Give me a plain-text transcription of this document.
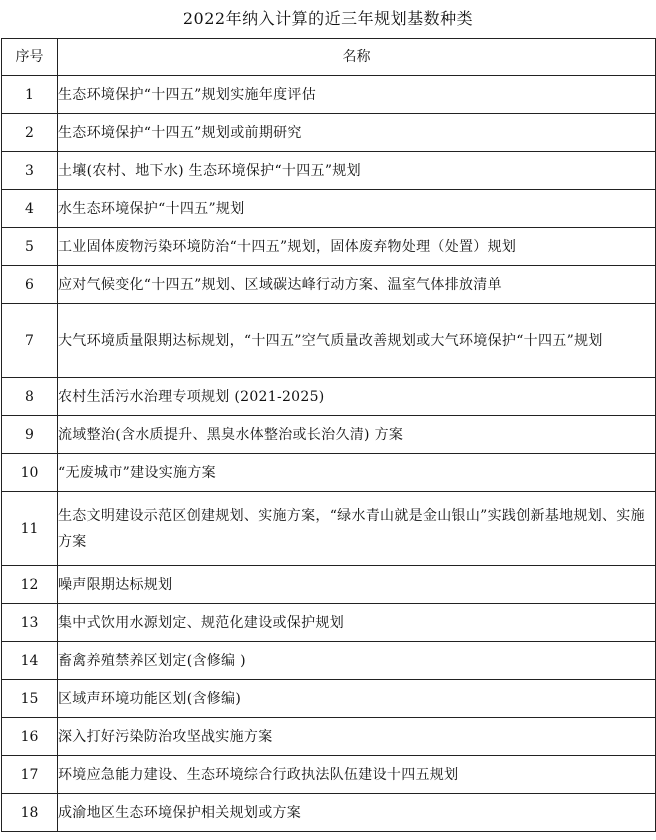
2022年纳入计算的近三年规划基数种类
序号	名称
1	生态环境保护“十四五”规划实施年度评估
2	生态环境保护“十四五”规划或前期研究
3	土壤(农村、地下水) 生态环境保护“十四五”规划
4	水生态环境保护“十四五”规划
5	工业固体废物污染环境防治“十四五”规划，固体废弃物处理（处置）规划
6	应对气候变化“十四五”规划、区域碳达峰行动方案、温室气体排放清单
7	大气环境质量限期达标规划，“十四五”空气质量改善规划或大气环境保护“十四五”规划
8	农村生活污水治理专项规划 (2021-2025)
9	流域整治(含水质提升、黑臭水体整治或长治久清) 方案
10	“无废城市”建设实施方案
11	生态文明建设示范区创建规划、实施方案，“绿水青山就是金山银山”实践创新基地规划、实施方案
12	噪声限期达标规划
13	集中式饮用水源划定、规范化建设或保护规划
14	畜禽养殖禁养区划定(含修编 )
15	区域声环境功能区划(含修编)
16	深入打好污染防治攻坚战实施方案
17	环境应急能力建设、生态环境综合行政执法队伍建设十四五规划
18	成渝地区生态环境保护相关规划或方案
